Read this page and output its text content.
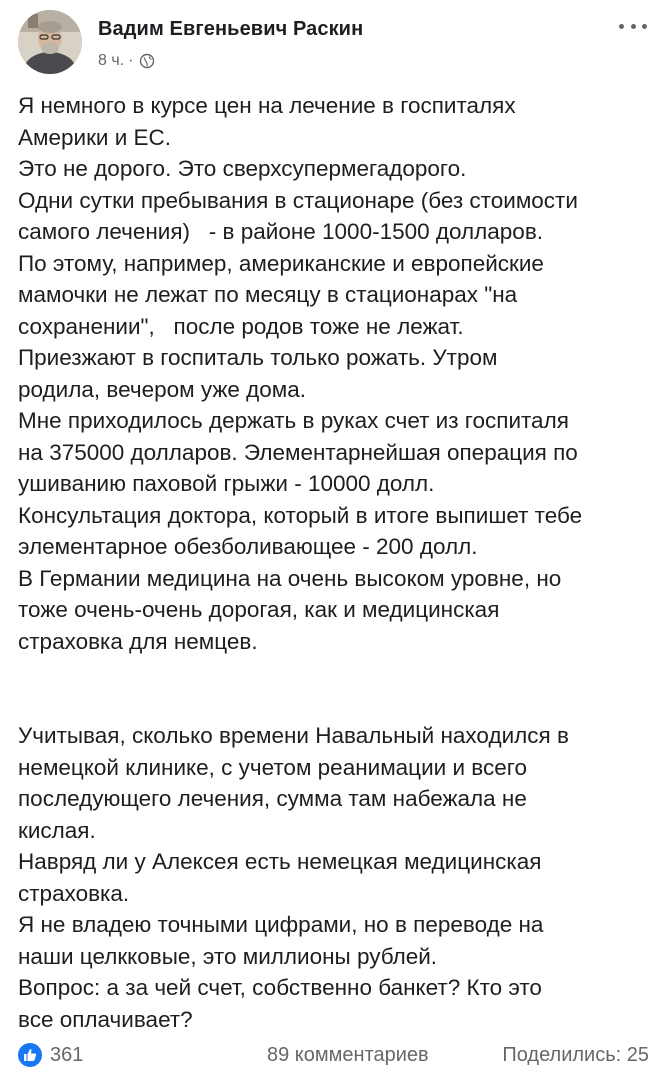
Вадим Евгеньевич Раскин
8 ч. ·
Я немного в курсе цен на лечение в госпиталях
Америки и ЕС.
Это не дорого. Это сверхсупермегадорого.
Одни сутки пребывания в стационаре (без стоимости
самого лечения)   - в районе 1000-1500 долларов.
По этому, например, американские и европейские
мамочки не лежат по месяцу в стационарах "на
сохранении",   после родов тоже не лежат.
Приезжают в госпиталь только рожать. Утром
родила, вечером уже дома.
Мне приходилось держать в руках счет из госпиталя
на 375000 долларов. Элементарнейшая операция по
ушиванию паховой грыжи - 10000 долл.
Консультация доктора, который в итоге выпишет тебе
элементарное обезболивающее - 200 долл.
В Германии медицина на очень высоком уровне, но
тоже очень-очень дорогая, как и медицинская
страховка для немцев.
Учитывая, сколько времени Навальный находился в
немецкой клинике, с учетом реанимации и всего
последующего лечения, сумма там набежала не
кислая.
Навряд ли у Алексея есть немецкая медицинская
страховка.
Я не владею точными цифрами, но в переводе на
наши целкковые, это миллионы рублей.
Вопрос: а за чей счет, собственно банкет? Кто это
все оплачивает?
361	89 комментариев	Поделились: 25
